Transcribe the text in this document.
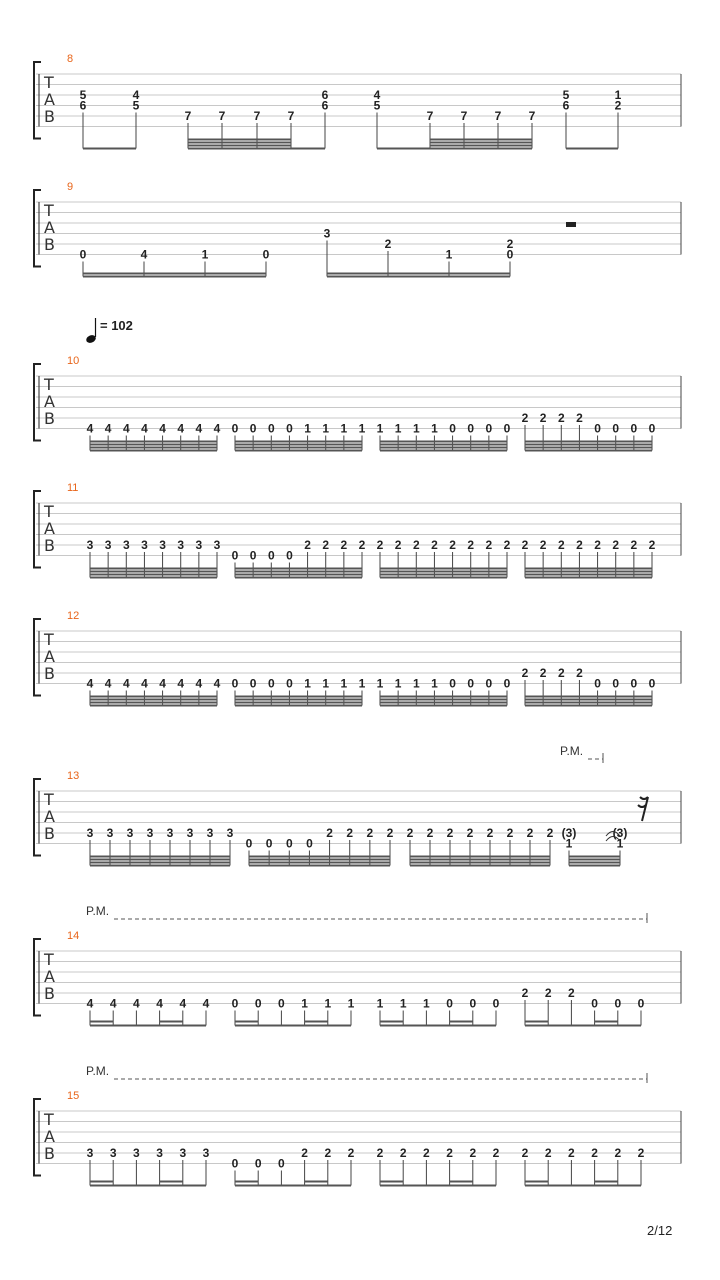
T
A
B
8
5
6
4
5
7 7 7 7
6
6
4
5
7 7 7 7
5
6
1
2
T
A
B
9
0	4	1	0
3
2
1
2
0
T
A
B
10
4 4 4 4 4 4 4 4 0 0 0 0 1 1 1 1 1 1 1 1 0 0 0 0
2 2 2 2
0 0 0 0
T
A
B
11
3 3 3 3 3 3 3 3
0 0 0 0
2 2 2 2 2 2 2 2 2 2 2 2 2 2 2 2 2 2 2 2
T
A
B
12
4 4 4 4 4 4 4 4 0 0 0 0 1 1 1 1 1 1 1 1 0 0 0 0
2 2 2 2
0 0 0 0
T
A
B
13
3 3 3 3 3 3 3 3
0 0 0 0
2 2 2 2 2 2 2 2 2 2 2 2 (3)
1
(3)
1
P.M.
T
A
B
14
4 4 4 4 4 4 0 0 0 1 1 1 1 1 1 0 0 0
2 2 2
0 0 0
P.M.
T
A
B
15
3 3 3 3 3 3
0 0 0
2 2 2 2 2 2 2 2 2 2 2 2 2 2 2
P.M.
= 102
2/12
